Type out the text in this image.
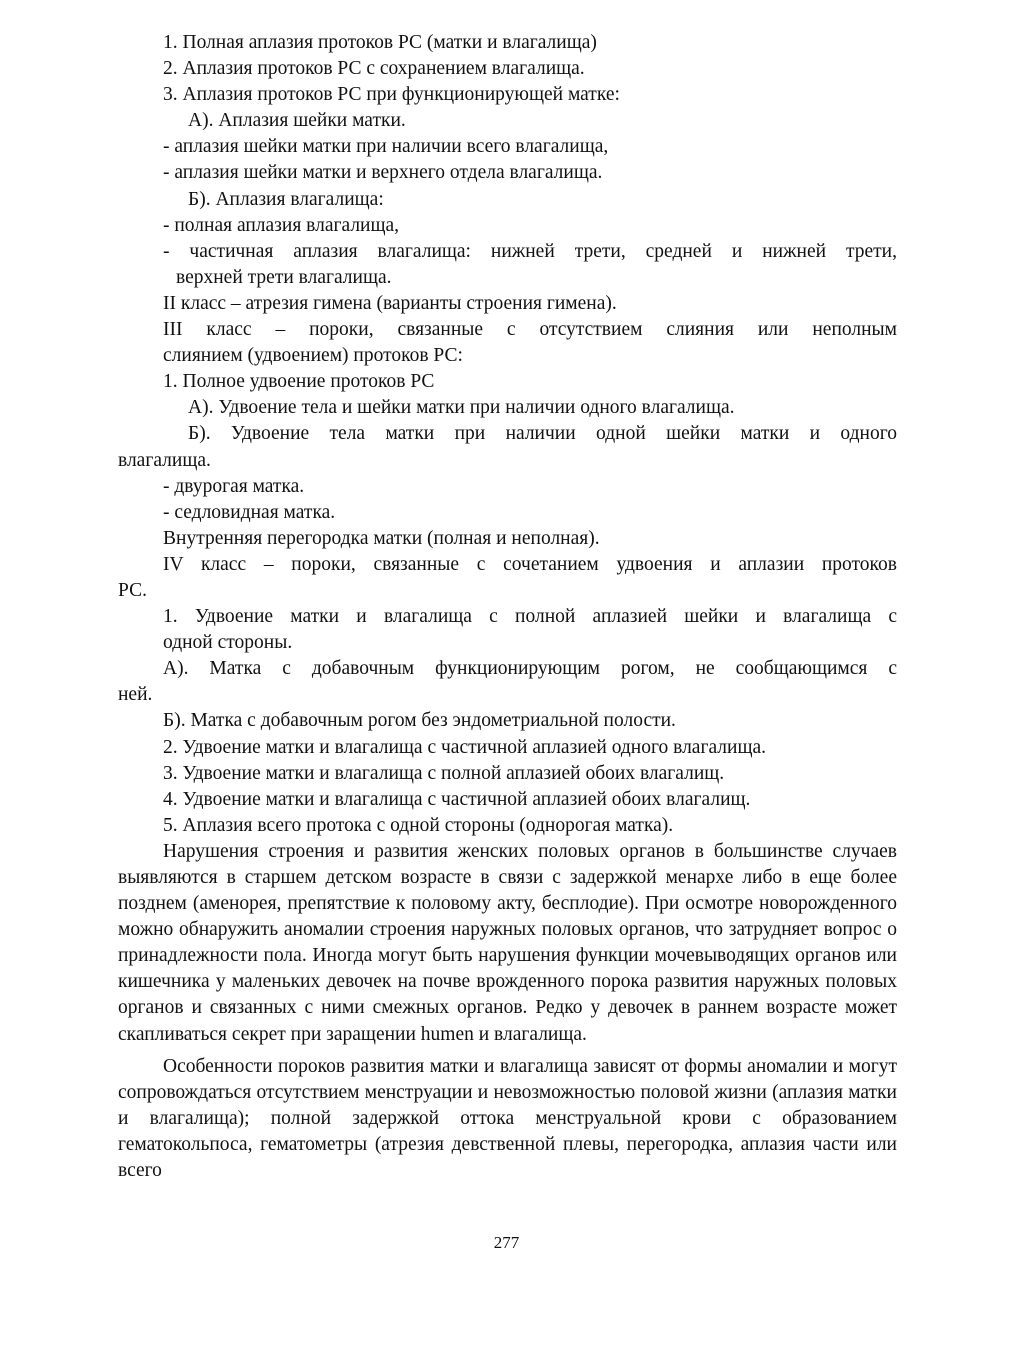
1. Полная аплазия протоков РС (матки и влагалища)

2. Аплазия протоков РС с сохранением влагалища.

3. Аплазия протоков РС при функционирующей матке:

А). Аплазия шейки матки.

- аплазия шейки матки при наличии всего влагалища,

- аплазия шейки матки и верхнего отдела влагалища.

Б). Аплазия влагалища:

- полная аплазия влагалища,

- частичная аплазия влагалища: нижней трети, средней и нижней трети,

верхней трети влагалища.

II класс – атрезия гимена (варианты строения гимена).

III класс – пороки, связанные с отсутствием слияния или неполным

слиянием (удвоением) протоков РС:

1. Полное удвоение протоков РС

А). Удвоение тела и шейки матки при наличии одного влагалища.

Б). Удвоение тела матки при наличии одной шейки матки и одного

влагалища.

- двурогая матка.

- седловидная матка.

Внутренняя перегородка матки (полная и неполная).

IV класс – пороки, связанные с сочетанием удвоения и аплазии протоков

РС.

1. Удвоение матки и влагалища с полной аплазией шейки и влагалища с

одной стороны.

А). Матка с добавочным функционирующим рогом, не сообщающимся с

ней.

Б). Матка с добавочным рогом без эндометриальной полости.

2. Удвоение матки и влагалища с частичной аплазией одного влагалища.

3. Удвоение матки и влагалища с полной аплазией обоих влагалищ.

4. Удвоение матки и влагалища с частичной аплазией обоих влагалищ.

5. Аплазия всего протока с одной стороны (однорогая матка).

Нарушения строения и развития женских половых органов в большинстве случаев выявляются в старшем детском возрасте в связи с задержкой менархе либо в еще более позднем (аменорея, препятствие к половому акту, бесплодие). При осмотре новорожденного можно обнаружить аномалии строения наружных половых органов, что затрудняет вопрос о принадлежности пола. Иногда могут быть нарушения функции мочевыводящих органов или кишечника у маленьких девочек на почве врожденного порока развития наружных половых органов и связанных с ними смежных органов. Редко у девочек в раннем возрасте может скапливаться секрет при заращении humen и влагалища.

Особенности пороков развития матки и влагалища зависят от формы аномалии и могут сопровождаться отсутствием менструации и невозможностью половой жизни (аплазия матки и влагалища); полной задержкой оттока менструальной крови с образованием гематокольпоса, гематометры (атрезия девственной плевы, перегородка, аплазия части или всего

277
